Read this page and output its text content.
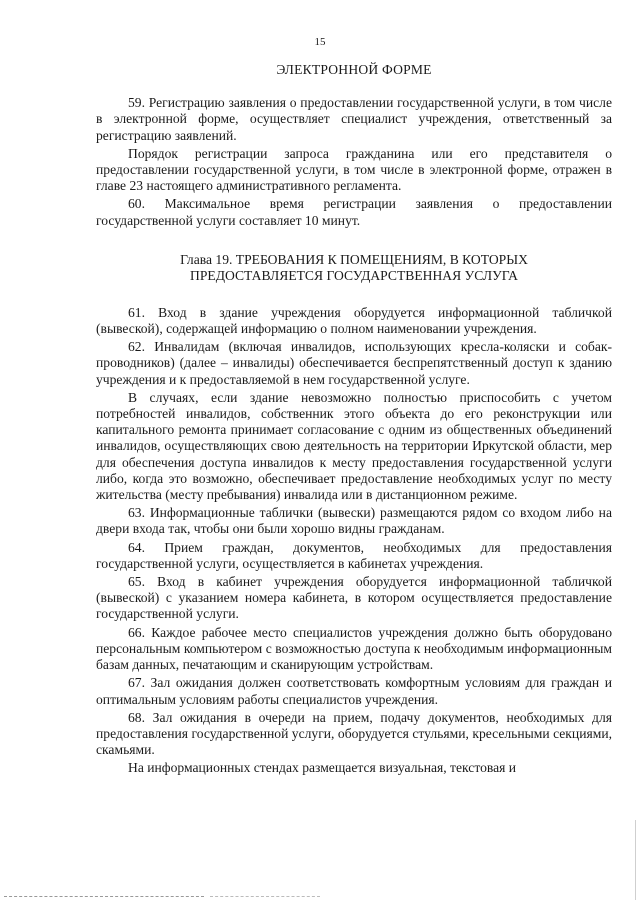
15
ЭЛЕКТРОННОЙ ФОРМЕ

59. Регистрацию заявления о предоставлении государственной услуги, в том числе в электронной форме, осуществляет специалист учреждения, ответственный за регистрацию заявлений.

Порядок регистрации запроса гражданина или его представителя о предоставлении государственной услуги, в том числе в электронной форме, отражен в главе 23 настоящего административного регламента.

60. Максимальное время регистрации заявления о предоставлении государственной услуги составляет 10 минут.

Глава 19. ТРЕБОВАНИЯ К ПОМЕЩЕНИЯМ, В КОТОРЫХ
ПРЕДОСТАВЛЯЕТСЯ ГОСУДАРСТВЕННАЯ УСЛУГА

61. Вход в здание учреждения оборудуется информационной табличкой (вывеской), содержащей информацию о полном наименовании учреждения.

62. Инвалидам (включая инвалидов, использующих кресла-коляски и собак-проводников) (далее – инвалиды) обеспечивается беспрепятственный доступ к зданию учреждения и к предоставляемой в нем государственной услуге.

В случаях, если здание невозможно полностью приспособить с учетом потребностей инвалидов, собственник этого объекта до его реконструкции или капитального ремонта принимает согласование с одним из общественных объединений инвалидов, осуществляющих свою деятельность на территории Иркутской области, мер для обеспечения доступа инвалидов к месту предоставления государственной услуги либо, когда это возможно, обеспечивает предоставление необходимых услуг по месту жительства (месту пребывания) инвалида или в дистанционном режиме.

63. Информационные таблички (вывески) размещаются рядом со входом либо на двери входа так, чтобы они были хорошо видны гражданам.

64. Прием граждан, документов, необходимых для предоставления государственной услуги, осуществляется в кабинетах учреждения.

65. Вход в кабинет учреждения оборудуется информационной табличкой (вывеской) с указанием номера кабинета, в котором осуществляется предоставление государственной услуги.

66. Каждое рабочее место специалистов учреждения должно быть оборудовано персональным компьютером с возможностью доступа к необходимым информационным базам данных, печатающим и сканирующим устройствам.

67. Зал ожидания должен соответствовать комфортным условиям для граждан и оптимальным условиям работы специалистов учреждения.

68. Зал ожидания в очереди на прием, подачу документов, необходимых для предоставления государственной услуги, оборудуется стульями, кресельными секциями, скамьями.

На информационных стендах размещается визуальная, текстовая и
